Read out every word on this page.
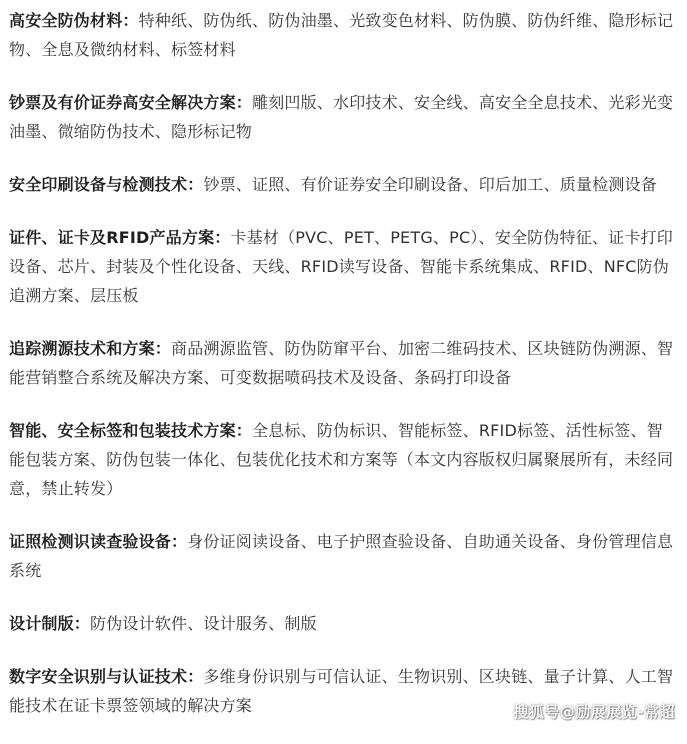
高安全防伪材料：特种纸、防伪纸、防伪油墨、光致变色材料、防伪膜、防伪纤维、隐形标记物、全息及微纳材料、标签材料

钞票及有价证券高安全解决方案：雕刻凹版、水印技术、安全线、高安全全息技术、光彩光变油墨、微缩防伪技术、隐形标记物

安全印刷设备与检测技术：钞票、证照、有价证券安全印刷设备、印后加工、质量检测设备

证件、证卡及RFID产品方案：卡基材（PVC、PET、PETG、PC）、安全防伪特征、证卡打印设备、芯片、封装及个性化设备、天线、RFID读写设备、智能卡系统集成、RFID、NFC防伪追溯方案、层压板

追踪溯源技术和方案：商品溯源监管、防伪防窜平台、加密二维码技术、区块链防伪溯源、智能营销整合系统及解决方案、可变数据喷码技术及设备、条码打印设备

智能、安全标签和包装技术方案：全息标、防伪标识、智能标签、RFID标签、活性标签、智能包装方案、防伪包装一体化、包装优化技术和方案等（本文内容版权归属聚展所有，未经同意，禁止转发）

证照检测识读查验设备：身份证阅读设备、电子护照查验设备、自助通关设备、身份管理信息系统

设计制版：防伪设计软件、设计服务、制版

数字安全识别与认证技术：多维身份识别与可信认证、生物识别、区块链、量子计算、人工智能技术在证卡票签领域的解决方案	搜狐号@励展展览-常超
